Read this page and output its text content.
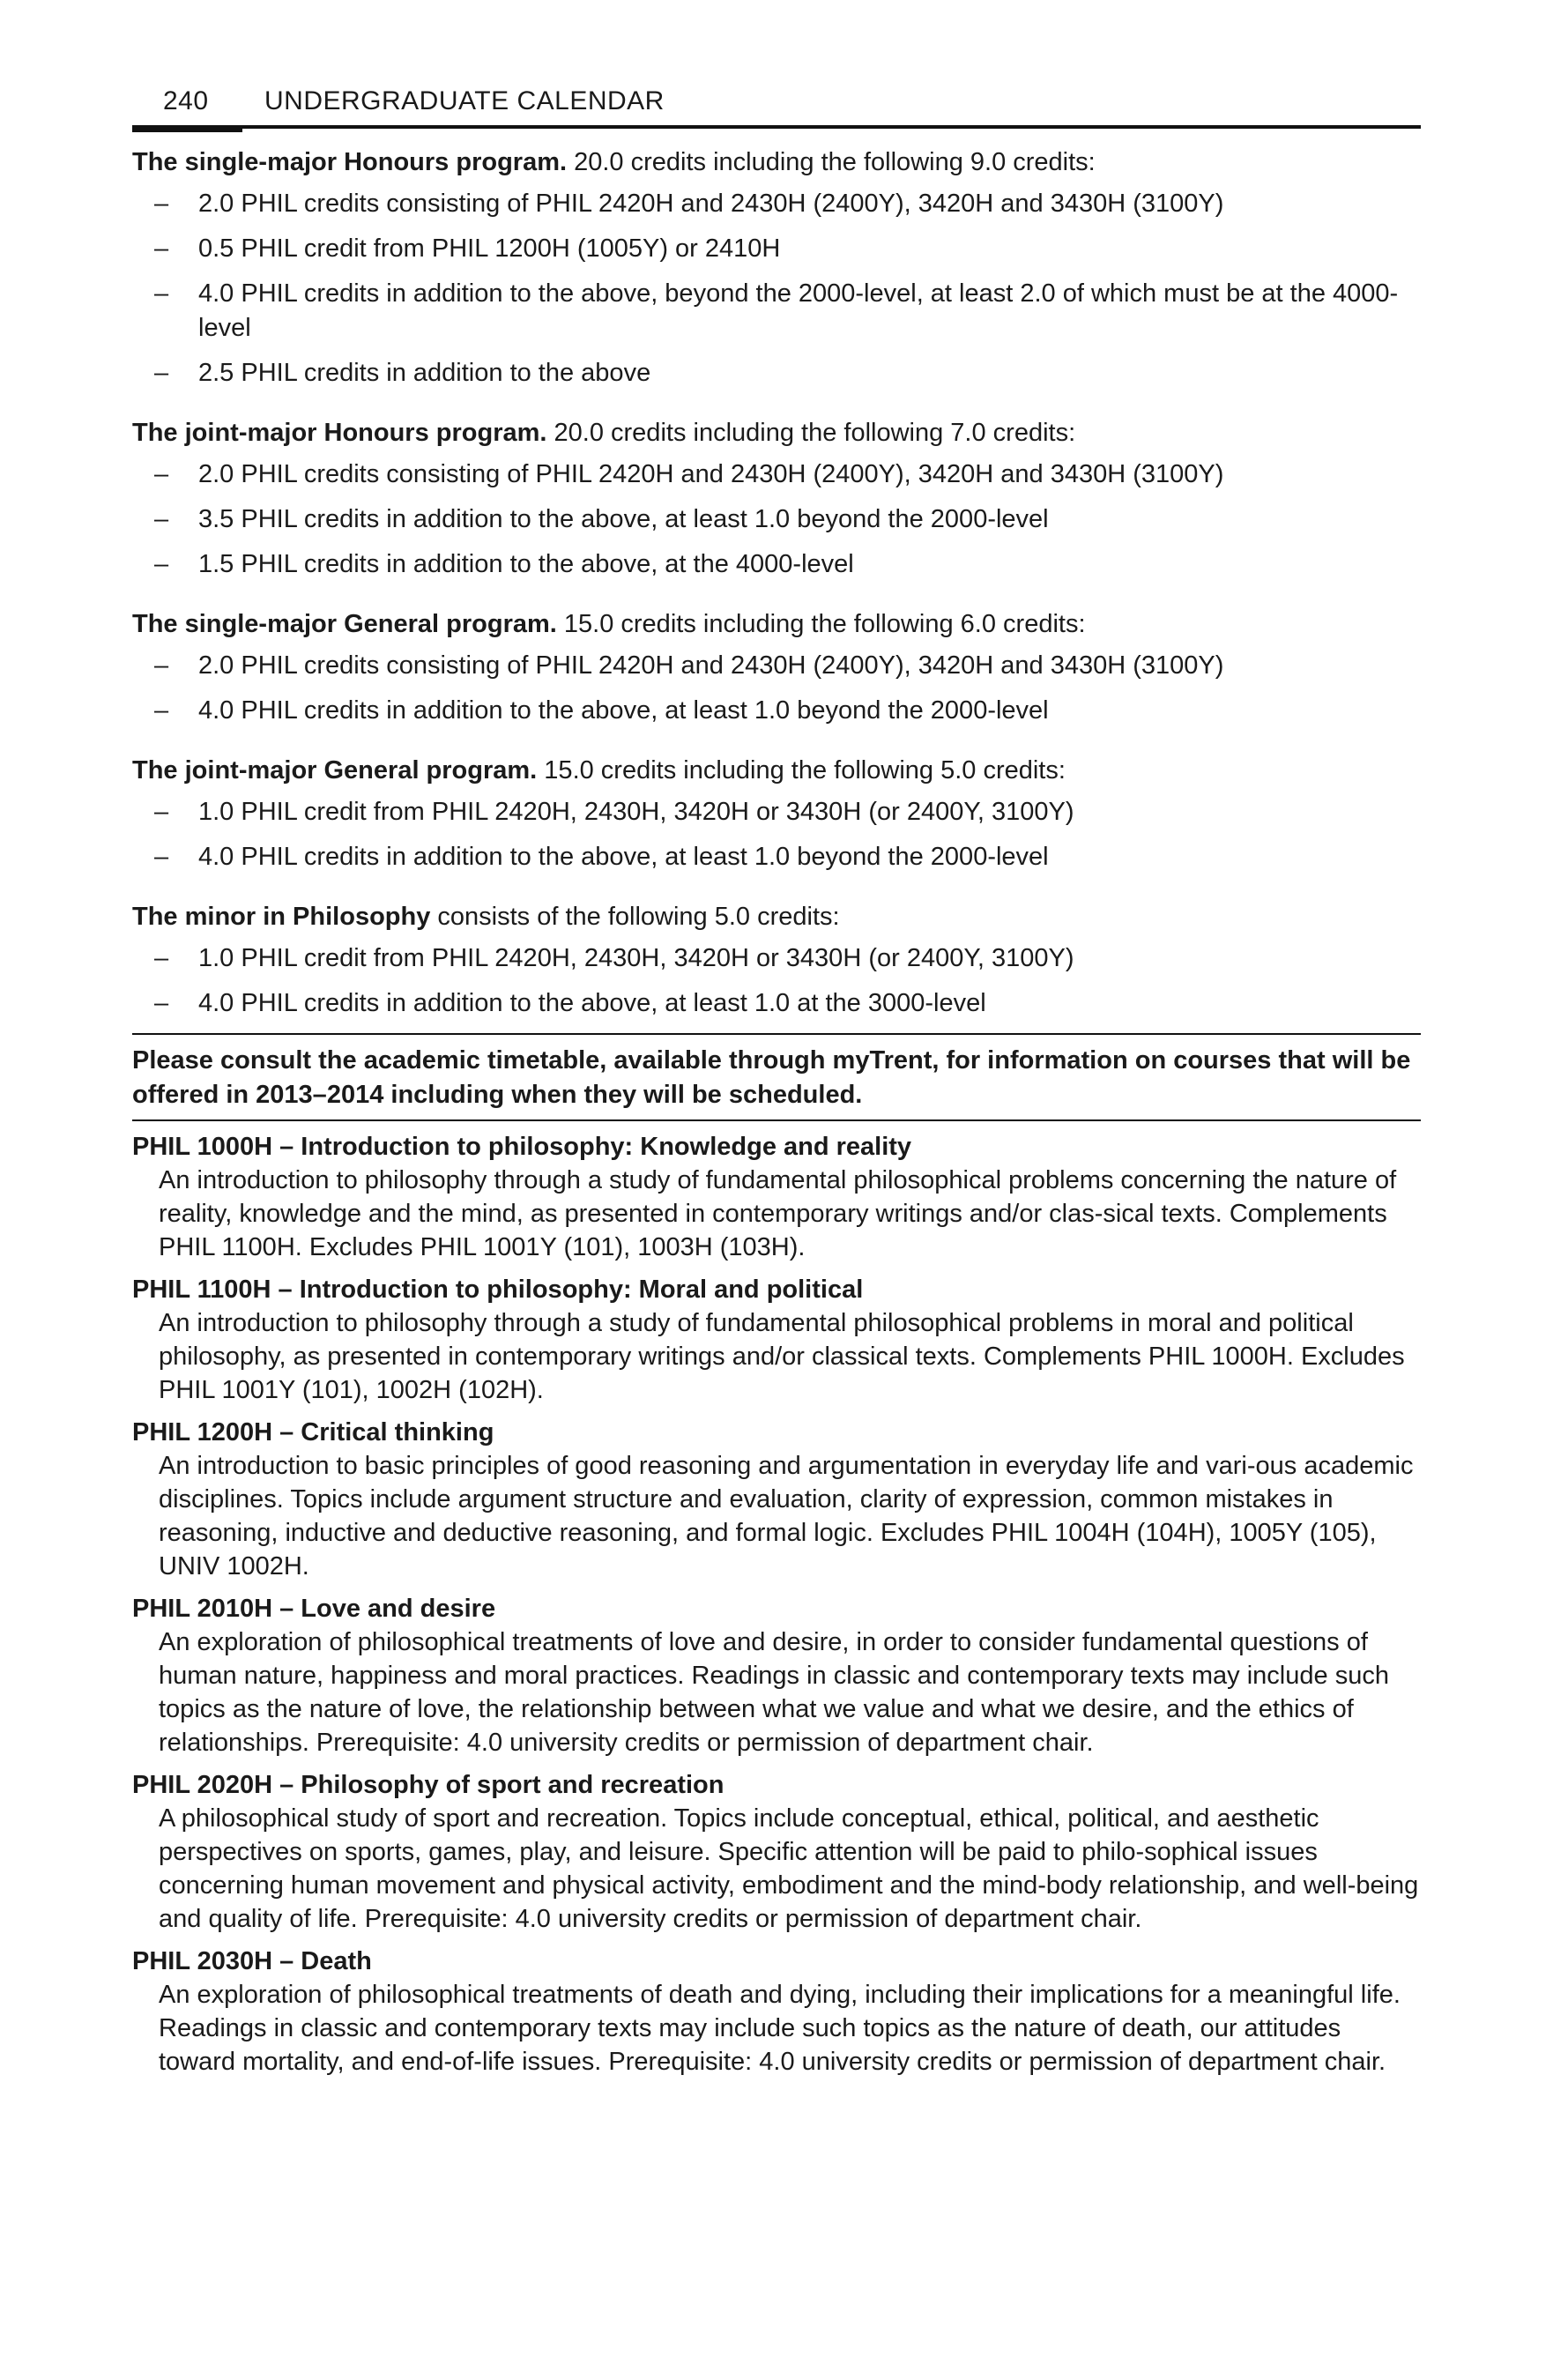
240 UNDERGRADUATE CALENDAR

The single-major Honours program. 20.0 credits including the following 9.0 credits:

– 2.0 PHIL credits consisting of PHIL 2420H and 2430H (2400Y), 3420H and 3430H (3100Y)
– 0.5 PHIL credit from PHIL 1200H (1005Y) or 2410H
– 4.0 PHIL credits in addition to the above, beyond the 2000-level, at least 2.0 of which must be at the 4000-level
– 2.5 PHIL credits in addition to the above

The joint-major Honours program. 20.0 credits including the following 7.0 credits:

– 2.0 PHIL credits consisting of PHIL 2420H and 2430H (2400Y), 3420H and 3430H (3100Y)
– 3.5 PHIL credits in addition to the above, at least 1.0 beyond the 2000-level
– 1.5 PHIL credits in addition to the above, at the 4000-level

The single-major General program. 15.0 credits including the following 6.0 credits:

– 2.0 PHIL credits consisting of PHIL 2420H and 2430H (2400Y), 3420H and 3430H (3100Y)
– 4.0 PHIL credits in addition to the above, at least 1.0 beyond the 2000-level

The joint-major General program. 15.0 credits including the following 5.0 credits:

– 1.0 PHIL credit from PHIL 2420H, 2430H, 3420H or 3430H (or 2400Y, 3100Y)
– 4.0 PHIL credits in addition to the above, at least 1.0 beyond the 2000-level

The minor in Philosophy consists of the following 5.0 credits:

– 1.0 PHIL credit from PHIL 2420H, 2430H, 3420H or 3430H (or 2400Y, 3100Y)
– 4.0 PHIL credits in addition to the above, at least 1.0 at the 3000-level
Please consult the academic timetable, available through myTrent, for information on courses that will be offered in 2013–2014 including when they will be scheduled.
PHIL 1000H – Introduction to philosophy: Knowledge and reality
An introduction to philosophy through a study of fundamental philosophical problems concerning the nature of reality, knowledge and the mind, as presented in contemporary writings and/or clas-sical texts. Complements PHIL 1100H. Excludes PHIL 1001Y (101), 1003H (103H).
PHIL 1100H – Introduction to philosophy: Moral and political
An introduction to philosophy through a study of fundamental philosophical problems in moral and political philosophy, as presented in contemporary writings and/or classical texts. Complements PHIL 1000H. Excludes PHIL 1001Y (101), 1002H (102H).
PHIL 1200H – Critical thinking
An introduction to basic principles of good reasoning and argumentation in everyday life and vari-ous academic disciplines. Topics include argument structure and evaluation, clarity of expression, common mistakes in reasoning, inductive and deductive reasoning, and formal logic. Excludes PHIL 1004H (104H), 1005Y (105), UNIV 1002H.
PHIL 2010H – Love and desire
An exploration of philosophical treatments of love and desire, in order to consider fundamental questions of human nature, happiness and moral practices. Readings in classic and contemporary texts may include such topics as the nature of love, the relationship between what we value and what we desire, and the ethics of relationships. Prerequisite: 4.0 university credits or permission of department chair.
PHIL 2020H – Philosophy of sport and recreation
A philosophical study of sport and recreation. Topics include conceptual, ethical, political, and aesthetic perspectives on sports, games, play, and leisure. Specific attention will be paid to philo-sophical issues concerning human movement and physical activity, embodiment and the mind-body relationship, and well-being and quality of life. Prerequisite: 4.0 university credits or permission of department chair.
PHIL 2030H – Death
An exploration of philosophical treatments of death and dying, including their implications for a meaningful life. Readings in classic and contemporary texts may include such topics as the nature of death, our attitudes toward mortality, and end-of-life issues. Prerequisite: 4.0 university credits or permission of department chair.
